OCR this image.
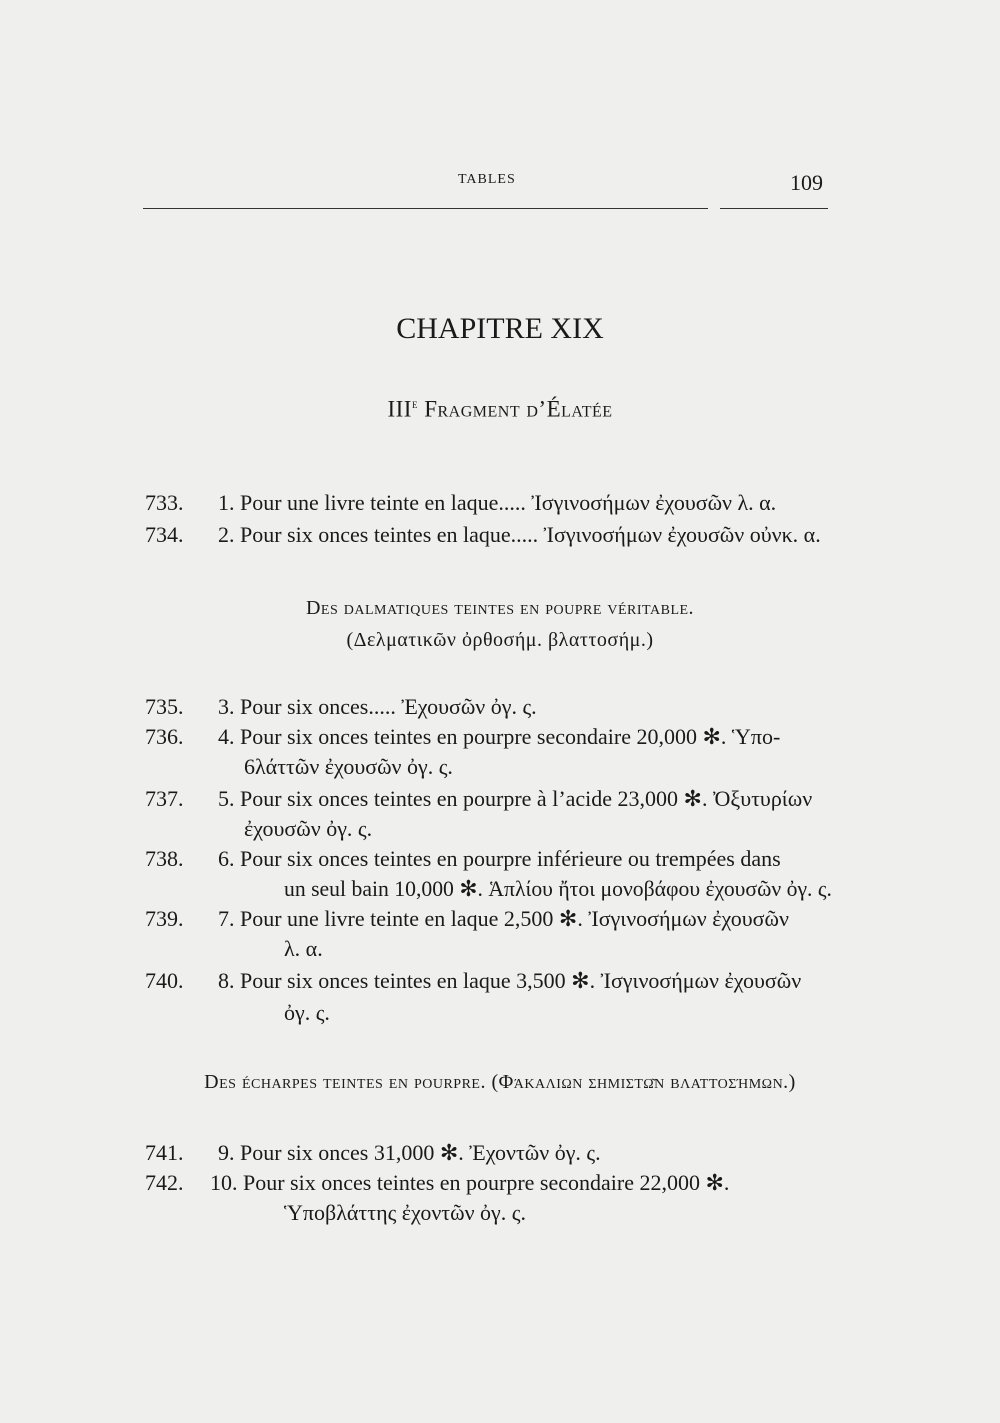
TABLES	109
CHAPITRE XIX
IIIe Fragment d’Élatée
733. 1. Pour une livre teinte en laque..... Ἰσγινοσήμων ἐχουσῶν λ. α.
734. 2. Pour six onces teintes en laque..... Ἰσγινοσήμων ἐχουσῶν οὐνκ. α.
Des dalmatiques teintes en poupre véritable.
(Δελματικῶν ὀρθοσήμ. βλαττοσήμ.)
735. 3. Pour six onces..... Ἐχουσῶν ὀγ. ς.
736. 4. Pour six onces teintes en pourpre secondaire 20,000 ✻. Ὑπο-
6λάττῶν ἐχουσῶν ὀγ. ς.
737. 5. Pour six onces teintes en pourpre à l’acide 23,000 ✻. Ὀξυτυρίων
ἐχουσῶν ὀγ. ς.
738. 6. Pour six onces teintes en pourpre inférieure ou trempées dans
un seul bain 10,000 ✻. Ἁπλίου ἤτοι μονοβάφου ἐχουσῶν ὀγ. ς.
739. 7. Pour une livre teinte en laque 2,500 ✻. Ἰσγινοσήμων ἐχουσῶν
λ. α.
740. 8. Pour six onces teintes en laque 3,500 ✻. Ἰσγινοσήμων ἐχουσῶν
ὀγ. ς.
Des écharpes teintes en pourpre. (Φάκαλιων σημιστῶν βλαττοσήμων.)
741. 9. Pour six onces 31,000 ✻. Ἐχοντῶν ὀγ. ς.
742. 10. Pour six onces teintes en pourpre secondaire 22,000 ✻.
Ὑποβλάττης ἐχοντῶν ὀγ. ς.
